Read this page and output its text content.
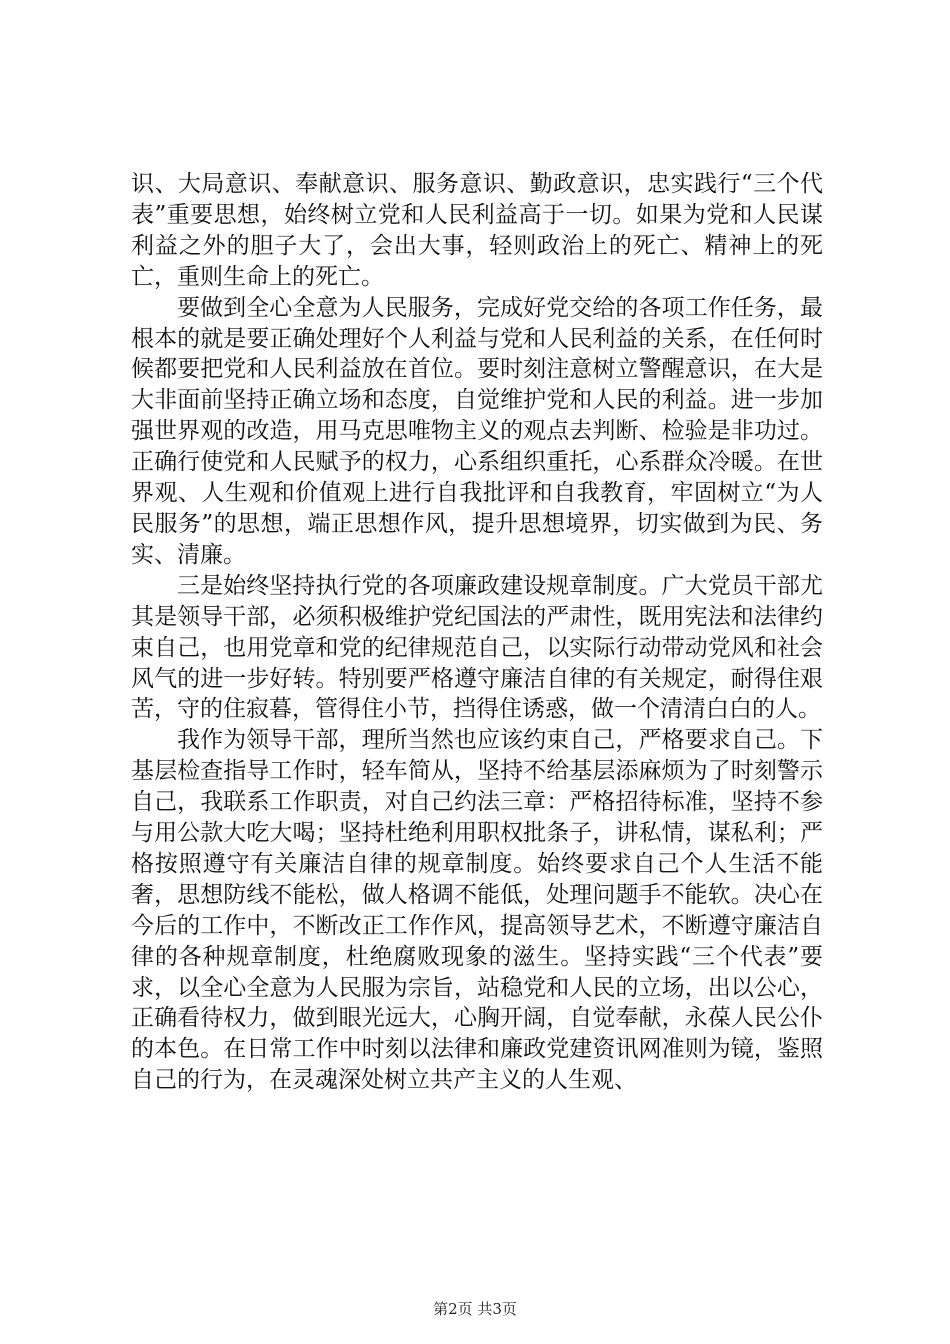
识、大局意识、奉献意识、服务意识、勤政意识，忠实践行“三个代表”重要思想，始终树立党和人民利益高于一切。如果为党和人民谋利益之外的胆子大了，会出大事，轻则政治上的死亡、精神上的死亡，重则生命上的死亡。

要做到全心全意为人民服务，完成好党交给的各项工作任务，最根本的就是要正确处理好个人利益与党和人民利益的关系，在任何时候都要把党和人民利益放在首位。要时刻注意树立警醒意识，在大是大非面前坚持正确立场和态度，自觉维护党和人民的利益。进一步加强世界观的改造，用马克思唯物主义的观点去判断、检验是非功过。正确行使党和人民赋予的权力，心系组织重托，心系群众冷暖。在世界观、人生观和价值观上进行自我批评和自我教育，牢固树立“为人民服务”的思想，端正思想作风，提升思想境界，切实做到为民、务实、清廉。

三是始终坚持执行党的各项廉政建设规章制度。广大党员干部尤其是领导干部，必须积极维护党纪国法的严肃性，既用宪法和法律约束自己，也用党章和党的纪律规范自己，以实际行动带动党风和社会风气的进一步好转。特别要严格遵守廉洁自律的有关规定，耐得住艰苦，守的住寂暮，管得住小节，挡得住诱惑，做一个清清白白的人。

我作为领导干部，理所当然也应该约束自己，严格要求自己。下基层检查指导工作时，轻车简从，坚持不给基层添麻烦为了时刻警示自己，我联系工作职责，对自己约法三章：严格招待标准，坚持不参与用公款大吃大喝；坚持杜绝利用职权批条子，讲私情，谋私利；严格按照遵守有关廉洁自律的规章制度。始终要求自己个人生活不能奢，思想防线不能松，做人格调不能低，处理问题手不能软。决心在今后的工作中，不断改正工作作风，提高领导艺术，不断遵守廉洁自律的各种规章制度，杜绝腐败现象的滋生。坚持实践“三个代表”要求，以全心全意为人民服为宗旨，站稳党和人民的立场，出以公心，正确看待权力，做到眼光远大，心胸开阔，自觉奉献，永葆人民公仆的本色。在日常工作中时刻以法律和廉政党建资讯网准则为镜，鉴照自己的行为，在灵魂深处树立共产主义的人生观、

第2页 共3页
